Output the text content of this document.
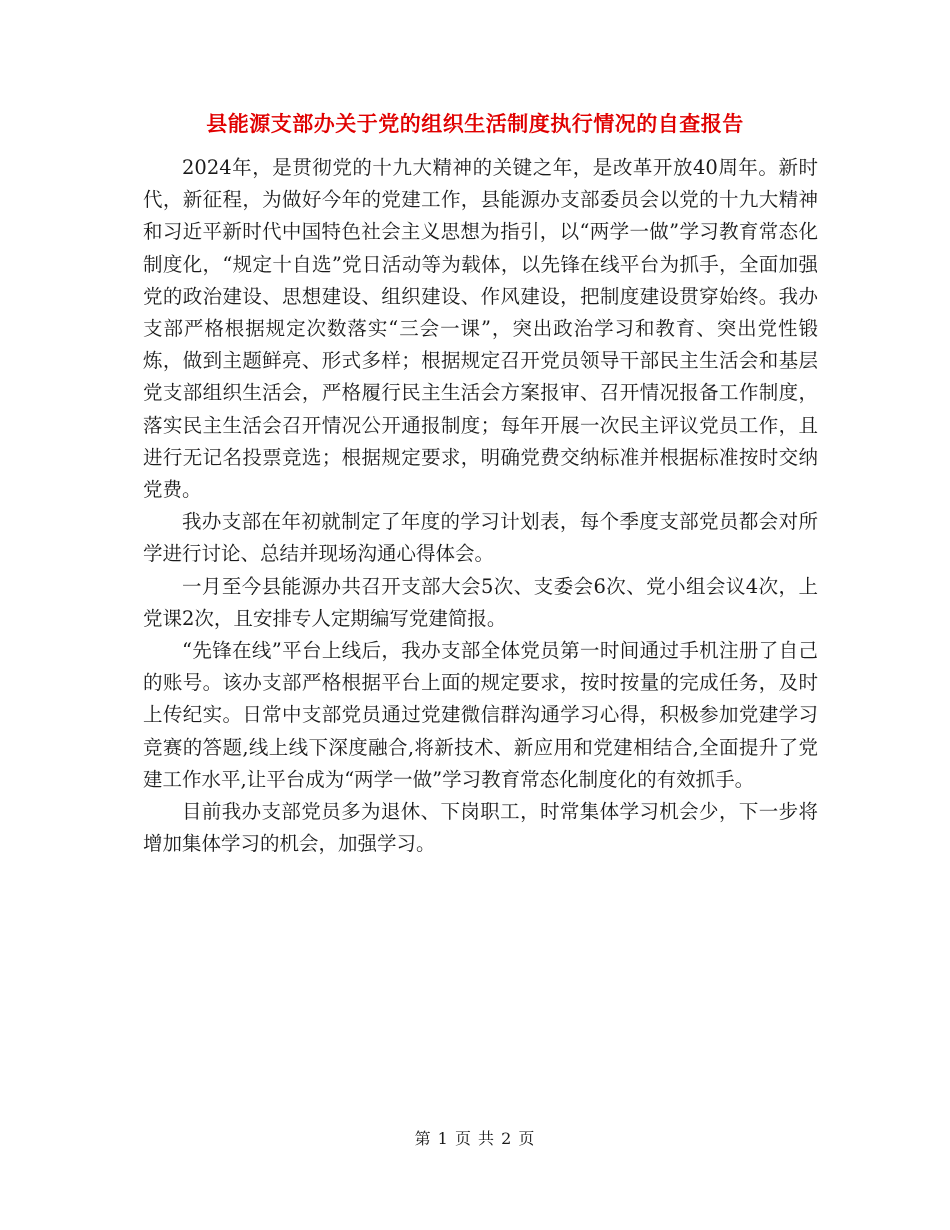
县能源支部办关于党的组织生活制度执行情况的自查报告

2024年，是贯彻党的十九大精神的关键之年，是改革开放40周年。新时代，新征程，为做好今年的党建工作，县能源办支部委员会以党的十九大精神和习近平新时代中国特色社会主义思想为指引，以“两学一做”学习教育常态化制度化，“规定十自选”党日活动等为载体，以先锋在线平台为抓手，全面加强党的政治建设、思想建设、组织建设、作风建设，把制度建设贯穿始终。我办支部严格根据规定次数落实“三会一课”，突出政治学习和教育、突出党性锻炼，做到主题鲜亮、形式多样；根据规定召开党员领导干部民主生活会和基层党支部组织生活会，严格履行民主生活会方案报审、召开情况报备工作制度，落实民主生活会召开情况公开通报制度；每年开展一次民主评议党员工作，且进行无记名投票竞选；根据规定要求，明确党费交纳标准并根据标准按时交纳党费。

我办支部在年初就制定了年度的学习计划表，每个季度支部党员都会对所学进行讨论、总结并现场沟通心得体会。

一月至今县能源办共召开支部大会5次、支委会6次、党小组会议4次，上党课2次，且安排专人定期编写党建简报。

“先锋在线”平台上线后，我办支部全体党员第一时间通过手机注册了自己的账号。该办支部严格根据平台上面的规定要求，按时按量的完成任务，及时上传纪实。日常中支部党员通过党建微信群沟通学习心得，积极参加党建学习竞赛的答题,线上线下深度融合,将新技术、新应用和党建相结合,全面提升了党建工作水平,让平台成为“两学一做”学习教育常态化制度化的有效抓手。

目前我办支部党员多为退休、下岗职工，时常集体学习机会少，下一步将增加集体学习的机会，加强学习。

第 1 页 共 2 页
